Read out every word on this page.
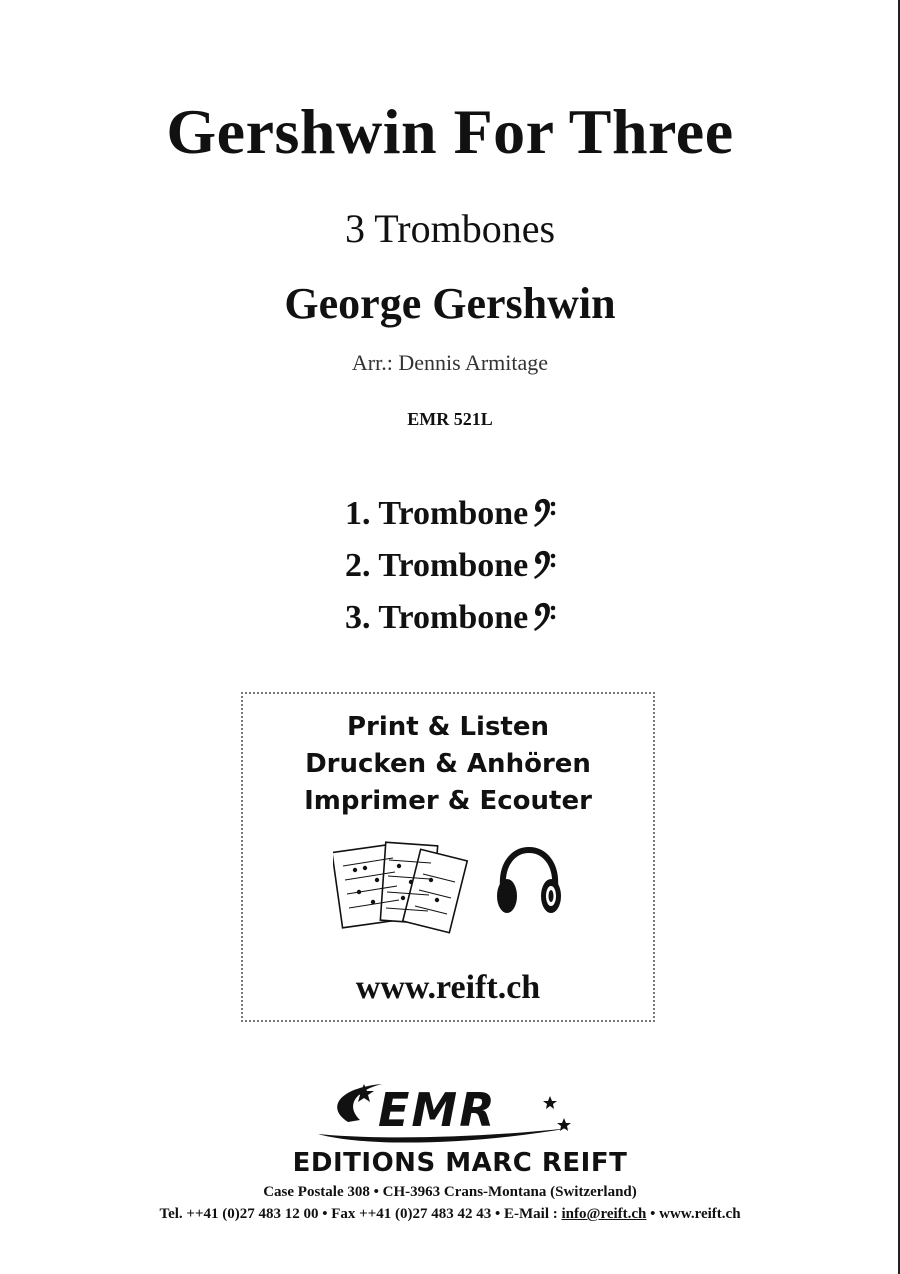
Gershwin For Three
3 Trombones
George Gershwin
Arr.: Dennis Armitage
EMR 521L
1. Trombone
2. Trombone
3. Trombone
Print & Listen
Drucken & Anhören
Imprimer & Ecouter
www.reift.ch
EMR
EDITIONS MARC REIFT
Case Postale 308 • CH-3963 Crans-Montana (Switzerland)
Tel. ++41 (0)27 483 12 00 • Fax ++41 (0)27 483 42 43 • E-Mail : info@reift.ch • www.reift.ch
